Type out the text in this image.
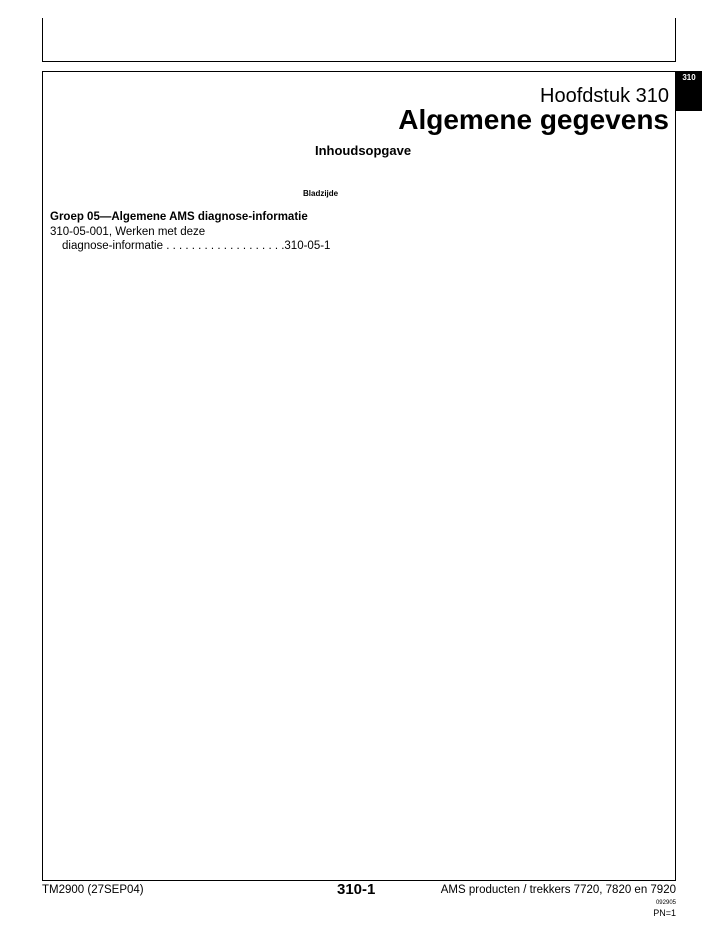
310
Hoofdstuk 310
Algemene gegevens
Inhoudsopgave
Bladzijde
Groep 05—Algemene AMS diagnose-informatie
310-05-001, Werken met deze
diagnose-informatie . . . . . . . . . . . . . . . . . . .310-05-1
TM2900 (27SEP04)	310-1	AMS producten / trekkers 7720, 7820 en 7920
092905
PN=1
